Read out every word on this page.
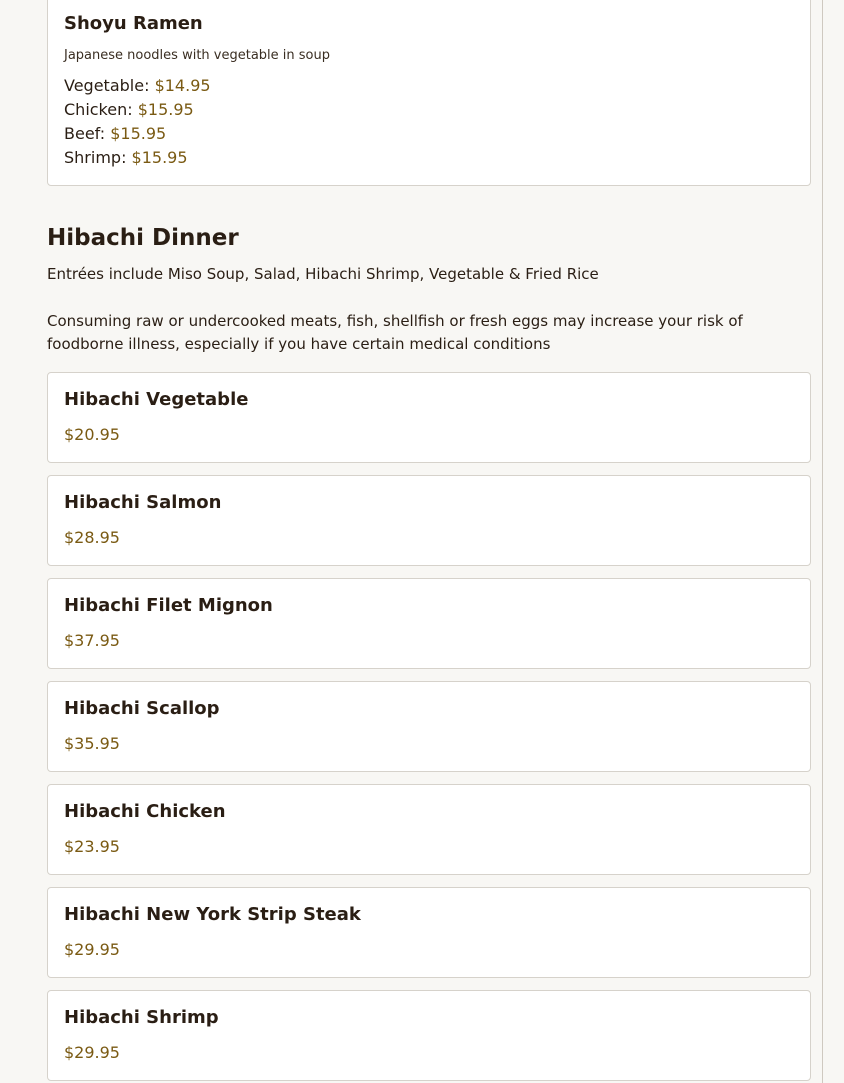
Shoyu Ramen
Japanese noodles with vegetable in soup
Vegetable: $14.95
Chicken: $15.95
Beef: $15.95
Shrimp: $15.95
Hibachi Dinner
Entrées include Miso Soup, Salad, Hibachi Shrimp, Vegetable & Fried Rice
Consuming raw or undercooked meats, fish, shellfish or fresh eggs may increase your risk of foodborne illness, especially if you have certain medical conditions
Hibachi Vegetable
$20.95
Hibachi Salmon
$28.95
Hibachi Filet Mignon
$37.95
Hibachi Scallop
$35.95
Hibachi Chicken
$23.95
Hibachi New York Strip Steak
$29.95
Hibachi Shrimp
$29.95
